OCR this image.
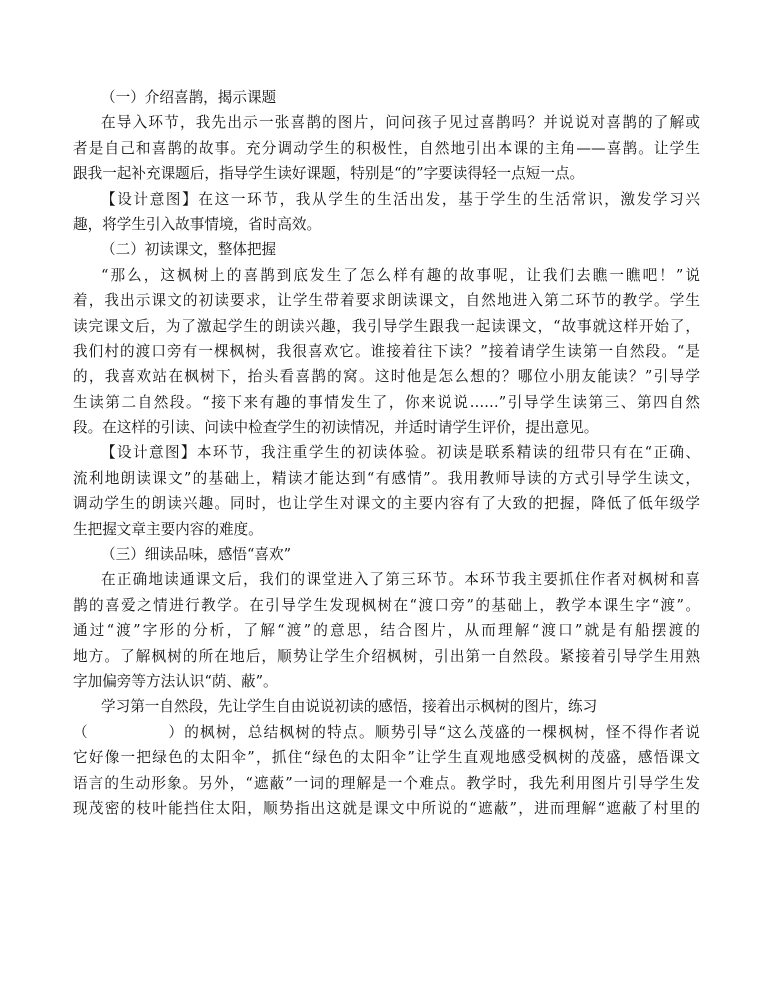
（一）介绍喜鹊，揭示课题
在导入环节，我先出示一张喜鹊的图片，问问孩子见过喜鹊吗？并说说对喜鹊的了解或
者是自己和喜鹊的故事。充分调动学生的积极性，自然地引出本课的主角——喜鹊。让学生
跟我一起补充课题后，指导学生读好课题，特别是“的”字要读得轻一点短一点。
【设计意图】在这一环节，我从学生的生活出发，基于学生的生活常识，激发学习兴
趣，将学生引入故事情境，省时高效。
（二）初读课文，整体把握
“那么，这枫树上的喜鹊到底发生了怎么样有趣的故事呢，让我们去瞧一瞧吧！”说
着，我出示课文的初读要求，让学生带着要求朗读课文，自然地进入第二环节的教学。学生
读完课文后，为了激起学生的朗读兴趣，我引导学生跟我一起读课文，“故事就这样开始了，
我们村的渡口旁有一棵枫树，我很喜欢它。谁接着往下读？”接着请学生读第一自然段。“是
的，我喜欢站在枫树下，抬头看喜鹊的窝。这时他是怎么想的？哪位小朋友能读？”引导学
生读第二自然段。“接下来有趣的事情发生了，你来说说……”引导学生读第三、第四自然
段。在这样的引读、问读中检查学生的初读情况，并适时请学生评价，提出意见。
【设计意图】本环节，我注重学生的初读体验。初读是联系精读的纽带只有在“正确、
流利地朗读课文”的基础上，精读才能达到“有感情”。我用教师导读的方式引导学生读文，
调动学生的朗读兴趣。同时，也让学生对课文的主要内容有了大致的把握，降低了低年级学
生把握文章主要内容的难度。
（三）细读品味，感悟“喜欢”
在正确地读通课文后，我们的课堂进入了第三环节。本环节我主要抓住作者对枫树和喜
鹊的喜爱之情进行教学。在引导学生发现枫树在“渡口旁”的基础上，教学本课生字“渡”。
通过“渡”字形的分析，了解“渡”的意思，结合图片，从而理解“渡口”就是有船摆渡的
地方。了解枫树的所在地后，顺势让学生介绍枫树，引出第一自然段。紧接着引导学生用熟
字加偏旁等方法认识“荫、蔽”。
学习第一自然段，先让学生自由说说初读的感悟，接着出示枫树的图片，练习
（　　　　　）的枫树，总结枫树的特点。顺势引导“这么茂盛的一棵枫树，怪不得作者说
它好像一把绿色的太阳伞”，抓住“绿色的太阳伞”让学生直观地感受枫树的茂盛，感悟课文
语言的生动形象。另外，“遮蔽”一词的理解是一个难点。教学时，我先利用图片引导学生发
现茂密的枝叶能挡住太阳，顺势指出这就是课文中所说的“遮蔽”，进而理解“遮蔽了村里的
